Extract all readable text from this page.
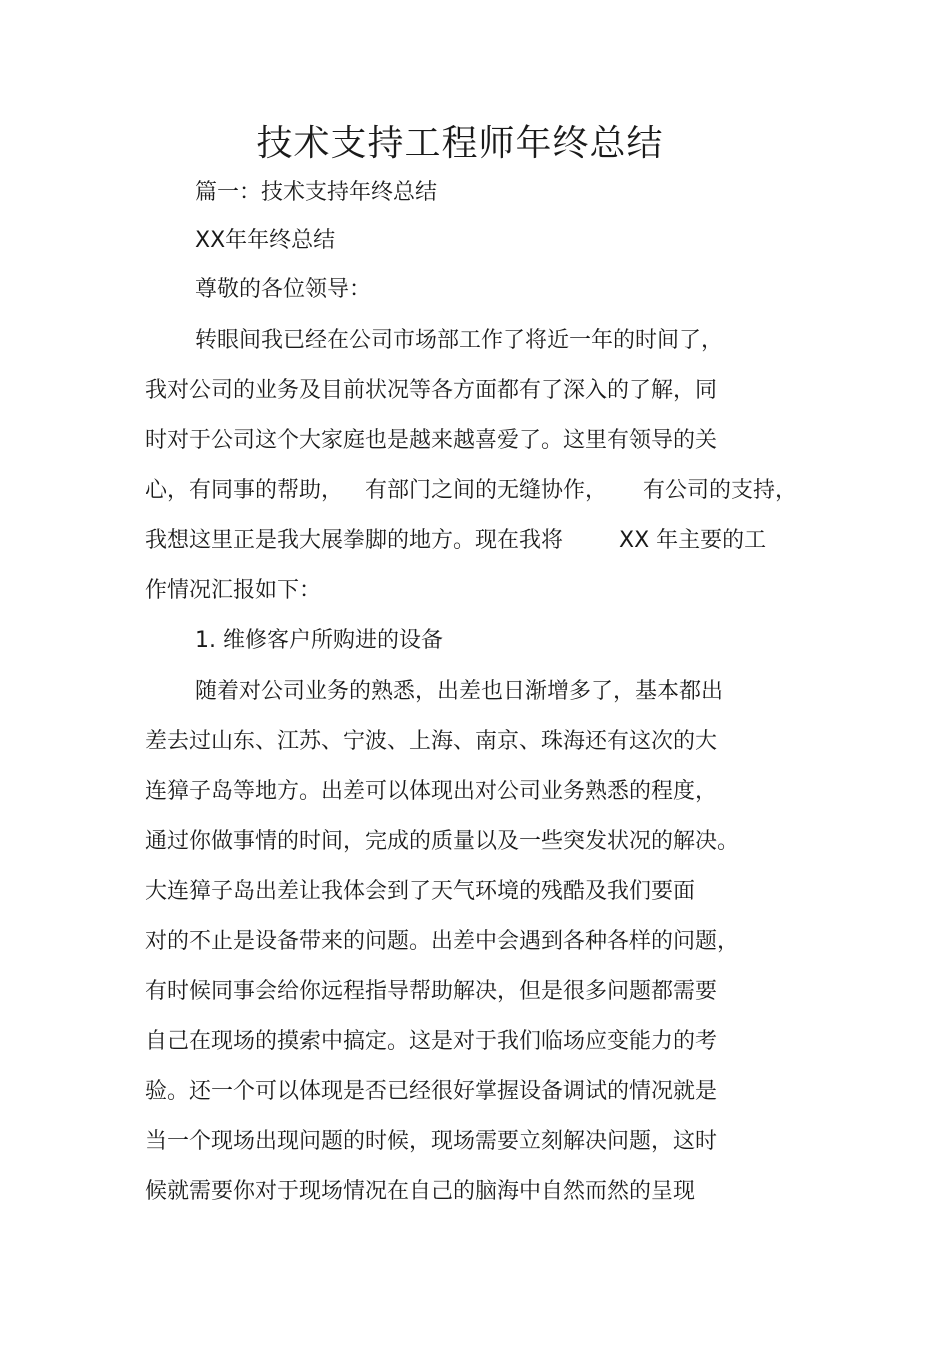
技术支持工程师年终总结
篇一：技术支持年终总结
XX年年终总结
尊敬的各位领导：
转眼间我已经在公司市场部工作了将近一年的时间了，
我对公司的业务及目前状况等各方面都有了深入的了解，同
时对于公司这个大家庭也是越来越喜爱了。这里有领导的关
心，有同事的帮助， 有部门之间的无缝协作， 有公司的支持，
我想这里正是我大展拳脚的地方。现在我将	XX 年主要的工
作情况汇报如下：
1. 维修客户所购进的设备
随着对公司业务的熟悉，出差也日渐增多了，基本都出
差去过山东、江苏、宁波、上海、南京、珠海还有这次的大
连獐子岛等地方。出差可以体现出对公司业务熟悉的程度，
通过你做事情的时间，完成的质量以及一些突发状况的解决。
大连獐子岛出差让我体会到了天气环境的残酷及我们要面
对的不止是设备带来的问题。出差中会遇到各种各样的问题，
有时候同事会给你远程指导帮助解决，但是很多问题都需要
自己在现场的摸索中搞定。这是对于我们临场应变能力的考
验。还一个可以体现是否已经很好掌握设备调试的情况就是
当一个现场出现问题的时候，现场需要立刻解决问题，这时
候就需要你对于现场情况在自己的脑海中自然而然的呈现
